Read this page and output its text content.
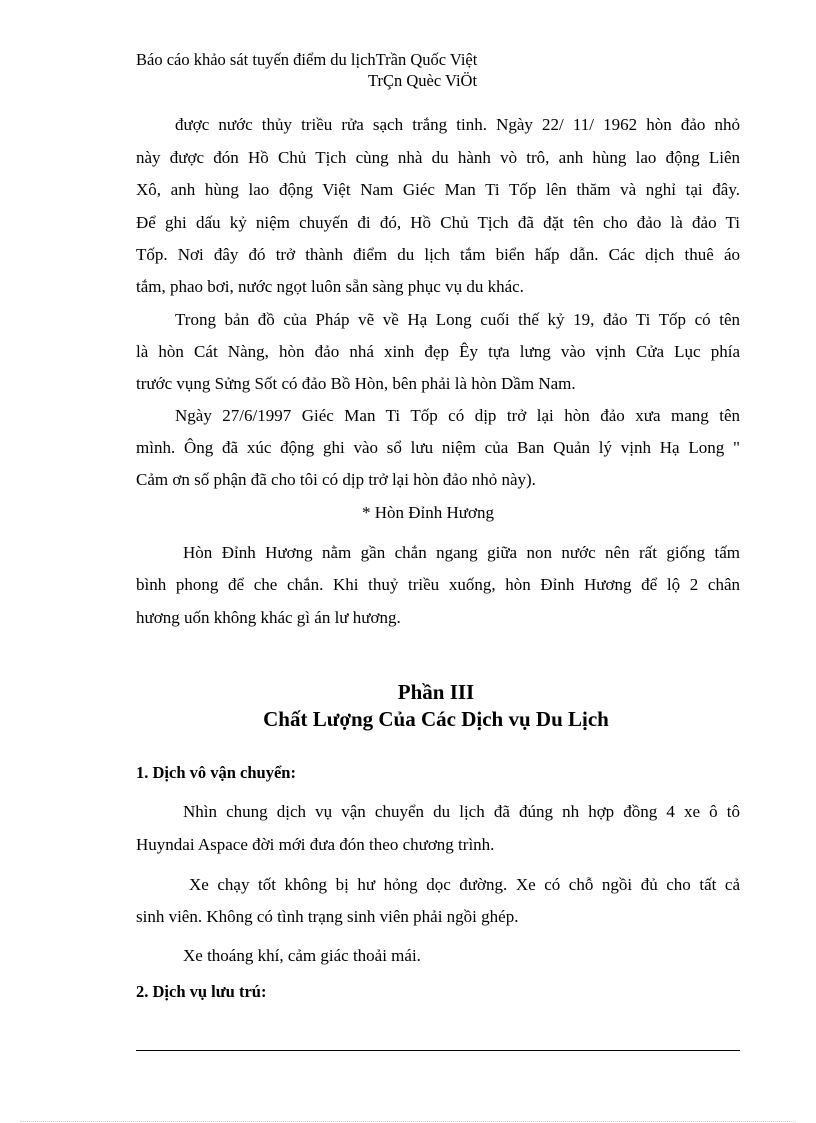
Báo cáo khảo sát tuyến điểm du lịchTrần Quốc Việt
TrÇn Quèc ViÖt
được nước thủy triều rửa sạch trắng tinh. Ngày 22/ 11/ 1962 hòn đảo nhỏ
này được đón Hồ Chủ Tịch cùng nhà du hành vò trô, anh hùng lao động Liên
Xô, anh hùng lao động Việt Nam Giéc Man Ti Tốp lên thăm và nghỉ tại đây.
Để ghi dấu kỷ niệm chuyến đi đó, Hồ Chủ Tịch đã đặt tên cho đảo là đảo Ti
Tốp. Nơi đây đó trở thành điểm du lịch tắm biển hấp dẫn. Các dịch thuê áo
tắm, phao bơi, nước ngọt luôn sẵn sàng phục vụ du khác.
Trong bản đồ của Pháp vẽ về Hạ Long cuối thế kỷ 19, đảo Ti Tốp có tên
là hòn Cát Nàng, hòn đảo nhá xinh đẹp Êy tựa lưng vào vịnh Cửa Lục phía
trước vụng Sửng Sốt có đảo Bồ Hòn, bên phải là hòn Dầm Nam.
Ngày 27/6/1997 Giéc Man Ti Tốp có dịp trở lại hòn đảo xưa mang tên
mình. Ông đã xúc động ghi vào sổ lưu niệm của Ban Quản lý vịnh Hạ Long "
Cảm ơn số phận đã cho tôi có dịp trở lại hòn đảo nhỏ này).
* Hòn Đỉnh Hương
Hòn Đỉnh Hương nằm gần chắn ngang giữa non nước nên rất giống tấm
bình phong để che chắn. Khi thuỷ triều xuống, hòn Đỉnh Hương để lộ 2 chân
hương uốn không khác gì án lư hương.
Phần III
Chất Lượng Của Các Dịch vụ Du Lịch
1. Dịch vô vận chuyển:
Nhìn chung dịch vụ vận chuyển du lịch đã đúng nh hợp đồng 4 xe ô tô
Huyndai Aspace đời mới đưa đón theo chương trình.
Xe chạy tốt không bị hư hỏng dọc đường. Xe có chỗ ngồi đủ cho tất cả
sinh viên. Không có tình trạng sinh viên phải ngồi ghép.
Xe thoáng khí, cảm giác thoải mái.
2. Dịch vụ lưu trú:
